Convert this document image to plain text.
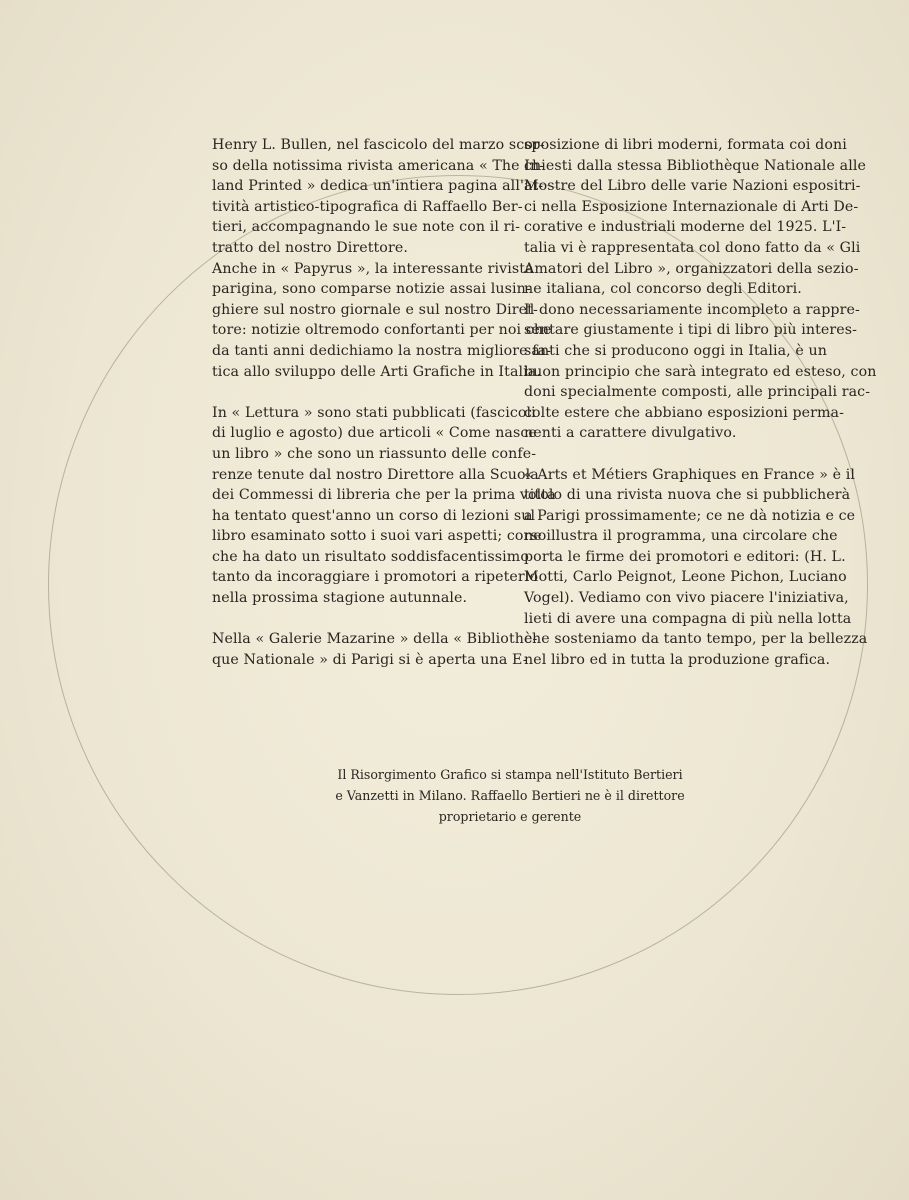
Henry L. Bullen, nel fascicolo del marzo scor-
so della notissima rivista americana « The In-
land Printed » dedica un'intiera pagina all'at-
tività artistico-tipografica di Raffaello Ber-
tieri, accompagnando le sue note con il ri-
tratto del nostro Direttore.
Anche in « Papyrus », la interessante rivista
parigina, sono comparse notizie assai lusin-
ghiere sul nostro giornale e sul nostro Diret-
tore: notizie oltremodo confortanti per noi che
da tanti anni dedichiamo la nostra migliore fa-
tica allo sviluppo delle Arti Grafiche in Italia.
In « Lettura » sono stati pubblicati (fascicoli
di luglio e agosto) due articoli « Come nasce
un libro » che sono un riassunto delle confe-
renze tenute dal nostro Direttore alla Scuola
dei Commessi di libreria che per la prima volta
ha tentato quest'anno un corso di lezioni sul
libro esaminato sotto i suoi vari aspetti; corso
che ha dato un risultato soddisfacentissimo
tanto da incoraggiare i promotori a ripeterlo
nella prossima stagione autunnale.
Nella « Galerie Mazarine » della « Bibliothè-
que Nationale » di Parigi si è aperta una E-
sposizione di libri moderni, formata coi doni
chiesti dalla stessa Bibliothèque Nationale alle
Mostre del Libro delle varie Nazioni espositri-
ci nella Esposizione Internazionale di Arti De-
corative e industriali moderne del 1925. L'I-
talia vi è rappresentata col dono fatto da « Gli
Amatori del Libro », organizzatori della sezio-
ne italiana, col concorso degli Editori.
Il dono necessariamente incompleto a rappre-
sentare giustamente i tipi di libro più interes-
santi che si producono oggi in Italia, è un
buon principio che sarà integrato ed esteso, con
doni specialmente composti, alle principali rac-
colte estere che abbiano esposizioni perma-
nenti a carattere divulgativo.
« Arts et Métiers Graphiques en France » è il
titolo di una rivista nuova che si pubblicherà
a Parigi prossimamente; ce ne dà notizia e ce
ne illustra il programma, una circolare che
porta le firme dei promotori e editori: (H. L.
Motti, Carlo Peignot, Leone Pichon, Luciano
Vogel). Vediamo con vivo piacere l'iniziativa,
lieti di avere una compagna di più nella lotta
che sosteniamo da tanto tempo, per la bellezza
nel libro ed in tutta la produzione grafica.
Il Risorgimento Grafico si stampa nell'Istituto Bertieri
e Vanzetti in Milano. Raffaello Bertieri ne è il direttore
proprietario e gerente
